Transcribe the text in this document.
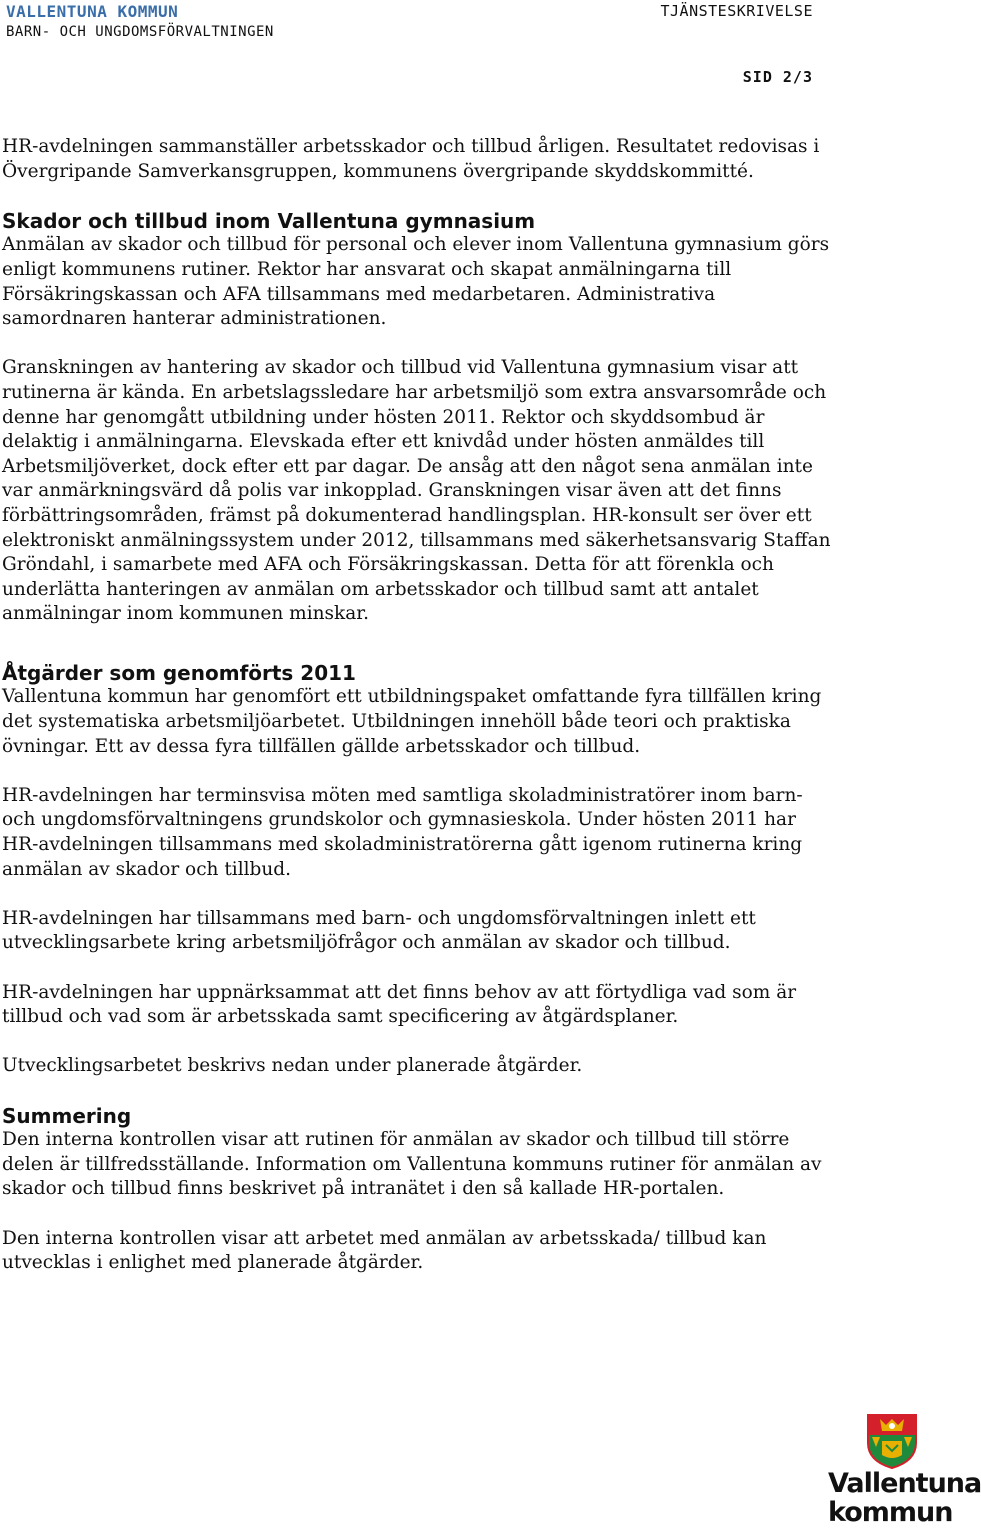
VALLENTUNA KOMMUN
BARN- OCH UNGDOMSFÖRVALTNINGEN
TJÄNSTESKRIVELSE
SID 2/3

HR-avdelningen sammanställer arbetsskador och tillbud årligen. Resultatet redovisas i Övergripande Samverkansgruppen, kommunens övergripande skyddskommitté.

Skador och tillbud inom Vallentuna gymnasium

Anmälan av skador och tillbud för personal och elever inom Vallentuna gymnasium görs enligt kommunens rutiner. Rektor har ansvarat och skapat anmälningarna till Försäkringskassan och AFA tillsammans med medarbetaren. Administrativa samordnaren hanterar administrationen.

Granskningen av hantering av skador och tillbud vid Vallentuna gymnasium visar att rutinerna är kända. En arbetslagssledare har arbetsmiljö som extra ansvarsområde och denne har genomgått utbildning under hösten 2011. Rektor och skyddsombud är delaktig i anmälningarna. Elevskada efter ett knivdåd under hösten anmäldes till Arbetsmiljöverket, dock efter ett par dagar. De ansåg att den något sena anmälan inte var anmärkningsvärd då polis var inkopplad. Granskningen visar även att det finns förbättringsområden, främst på dokumenterad handlingsplan. HR-konsult ser över ett elektroniskt anmälningssystem under 2012, tillsammans med säkerhetsansvarig Staffan Gröndahl, i samarbete med AFA och Försäkringskassan. Detta för att förenkla och underlätta hanteringen av anmälan om arbetsskador och tillbud samt att antalet anmälningar inom kommunen minskar.

Åtgärder som genomförts 2011

Vallentuna kommun har genomfört ett utbildningspaket omfattande fyra tillfällen kring det systematiska arbetsmiljöarbetet. Utbildningen innehöll både teori och praktiska övningar. Ett av dessa fyra tillfällen gällde arbetsskador och tillbud.

HR-avdelningen har terminsvisa möten med samtliga skoladministratörer inom barn- och ungdomsförvaltningens grundskolor och gymnasieskola. Under hösten 2011 har HR-avdelningen tillsammans med skoladministratörerna gått igenom rutinerna kring anmälan av skador och tillbud.

HR-avdelningen har tillsammans med barn- och ungdomsförvaltningen inlett ett utvecklingsarbete kring arbetsmiljöfrågor och anmälan av skador och tillbud.

HR-avdelningen har uppnärksammat att det finns behov av att förtydliga vad som är tillbud och vad som är arbetsskada samt specificering av åtgärdsplaner.

Utvecklingsarbetet beskrivs nedan under planerade åtgärder.

Summering

Den interna kontrollen visar att rutinen för anmälan av skador och tillbud till större delen är tillfredsställande. Information om Vallentuna kommuns rutiner för anmälan av skador och tillbud finns beskrivet på intranätet i den så kallade HR-portalen.

Den interna kontrollen visar att arbetet med anmälan av arbetsskada/ tillbud kan utvecklas i enlighet med planerade åtgärder.

Vallentuna
kommun
